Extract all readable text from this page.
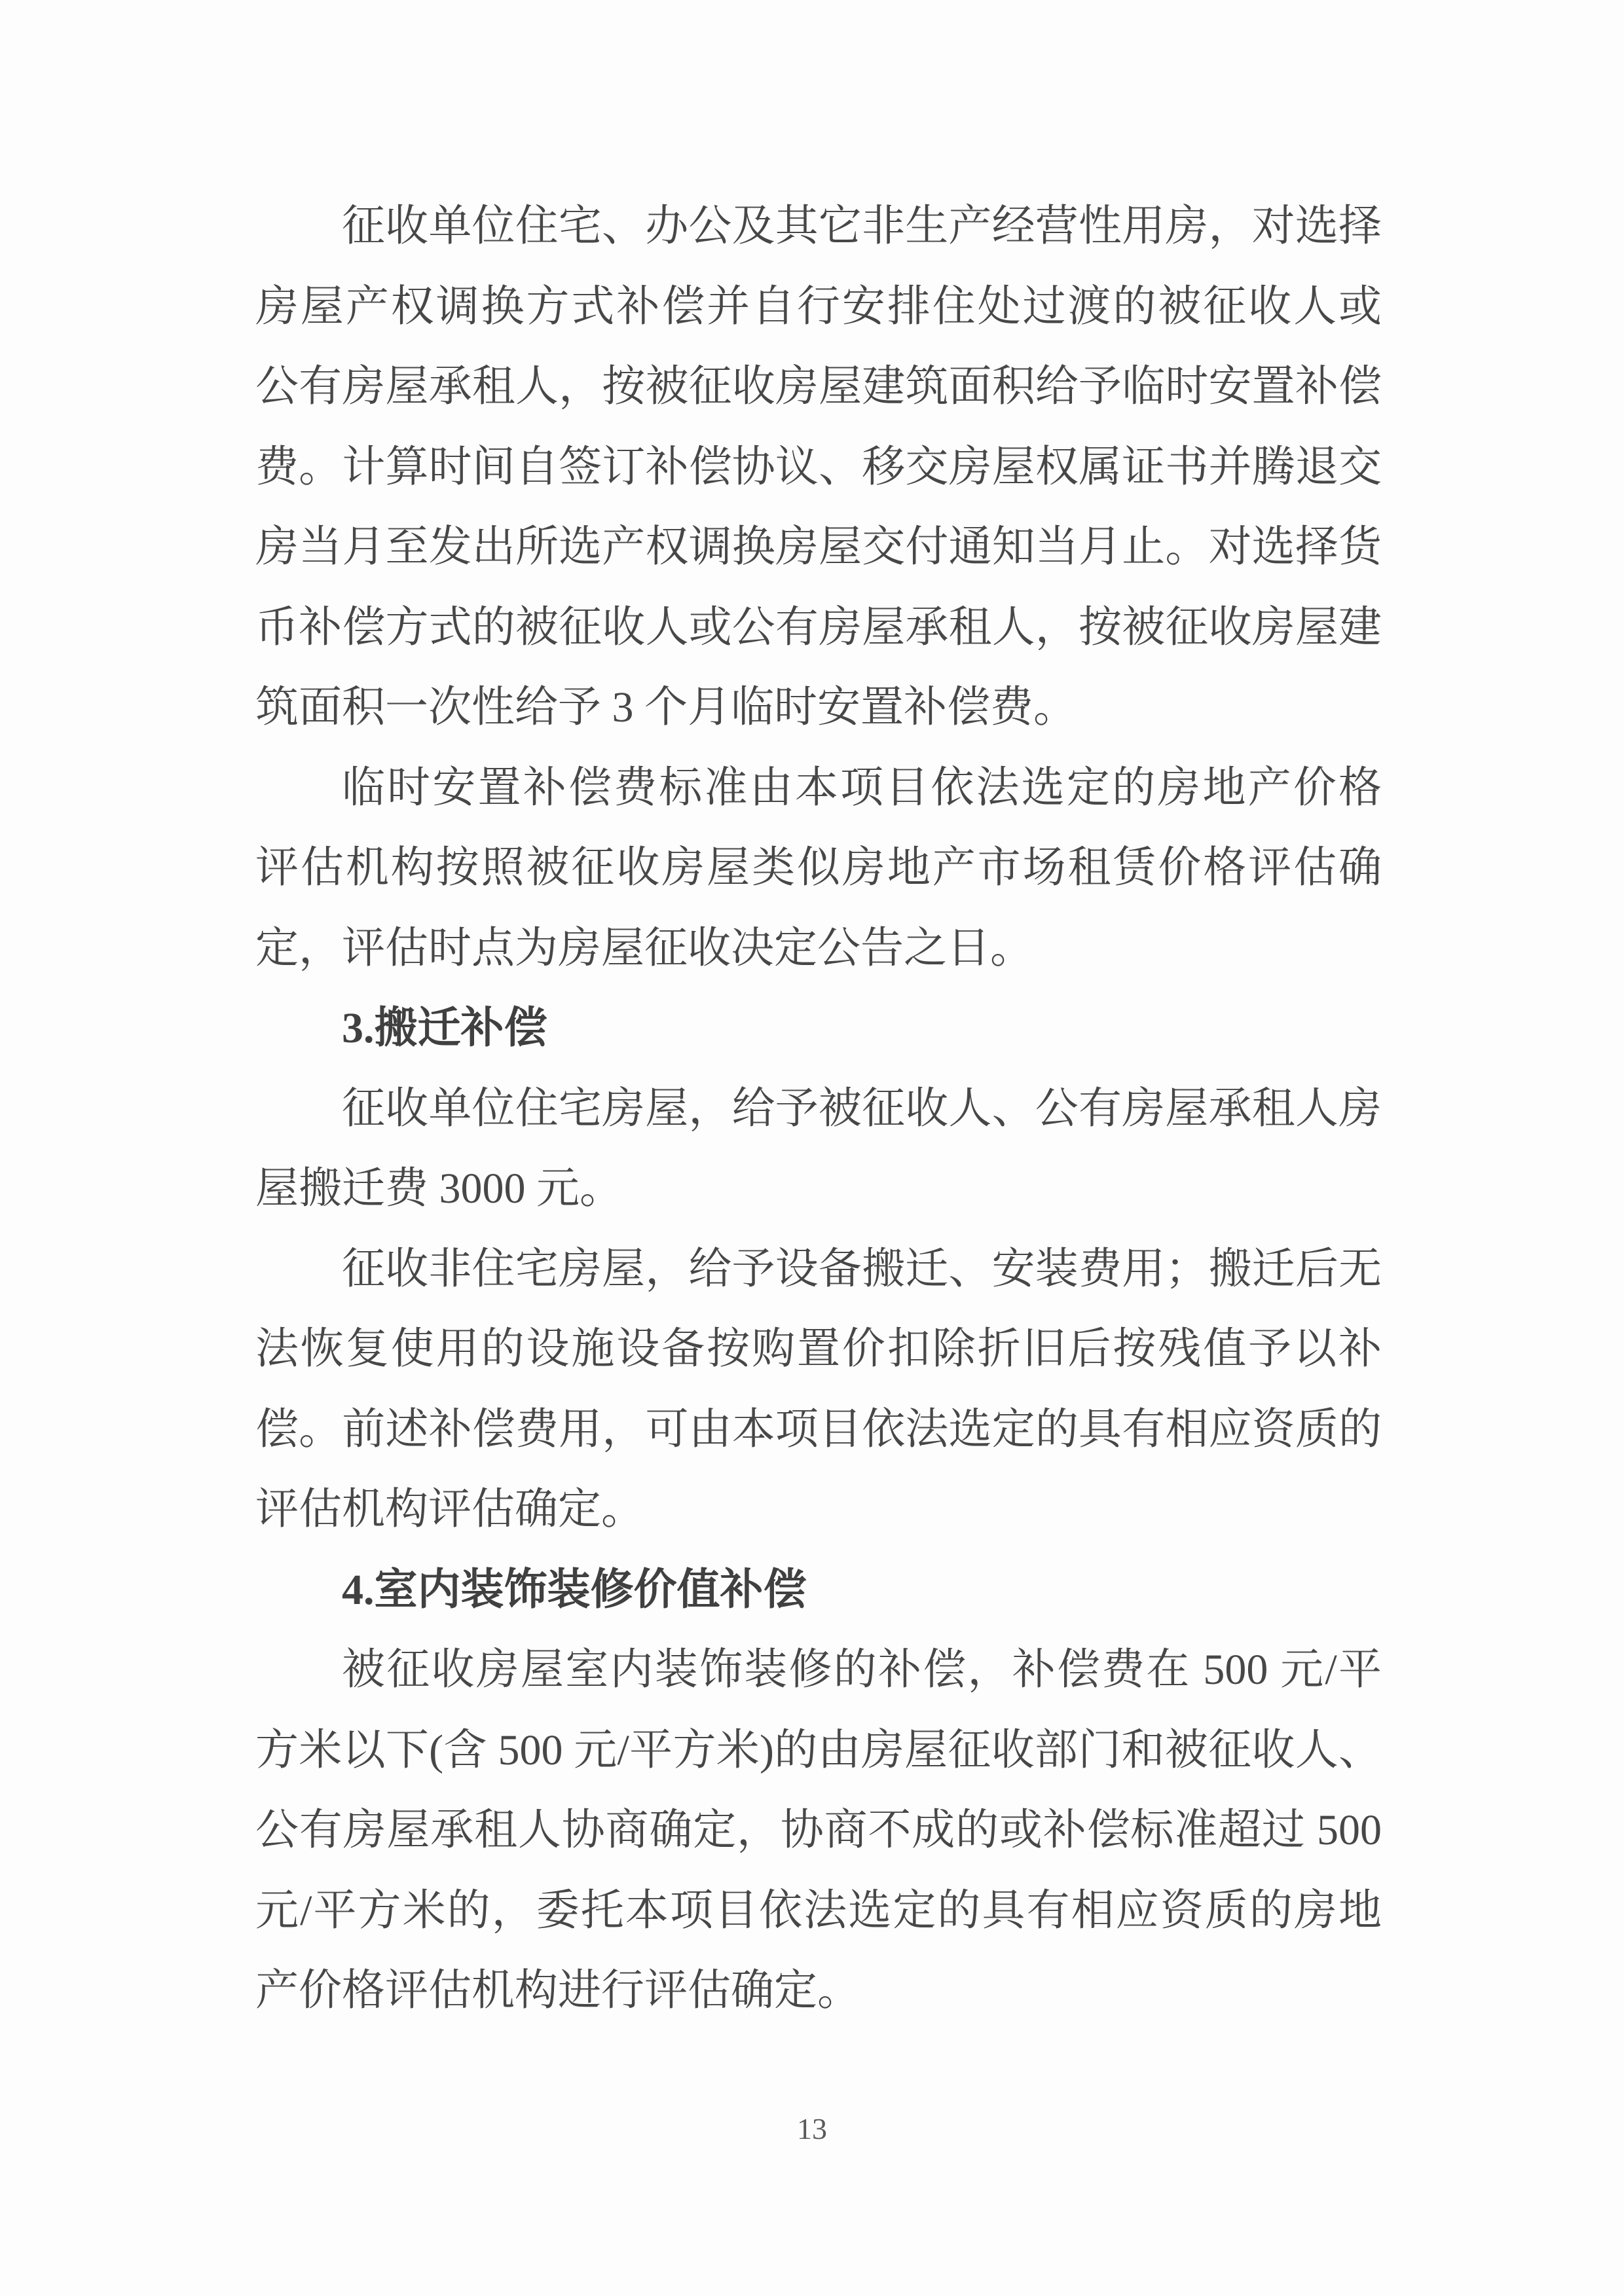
征收单位住宅、办公及其它非生产经营性用房，对选择
房屋产权调换方式补偿并自行安排住处过渡的被征收人或
公有房屋承租人，按被征收房屋建筑面积给予临时安置补偿
费。计算时间自签订补偿协议、移交房屋权属证书并腾退交
房当月至发出所选产权调换房屋交付通知当月止。对选择货
币补偿方式的被征收人或公有房屋承租人，按被征收房屋建
筑面积一次性给予 3 个月临时安置补偿费。
临时安置补偿费标准由本项目依法选定的房地产价格
评估机构按照被征收房屋类似房地产市场租赁价格评估确
定，评估时点为房屋征收决定公告之日。
3.搬迁补偿
征收单位住宅房屋，给予被征收人、公有房屋承租人房
屋搬迁费 3000 元。
征收非住宅房屋，给予设备搬迁、安装费用；搬迁后无
法恢复使用的设施设备按购置价扣除折旧后按残值予以补
偿。前述补偿费用，可由本项目依法选定的具有相应资质的
评估机构评估确定。
4.室内装饰装修价值补偿
被征收房屋室内装饰装修的补偿，补偿费在 500 元/平
方米以下(含 500 元/平方米)的由房屋征收部门和被征收人、
公有房屋承租人协商确定，协商不成的或补偿标准超过 500
元/平方米的，委托本项目依法选定的具有相应资质的房地
产价格评估机构进行评估确定。
13
